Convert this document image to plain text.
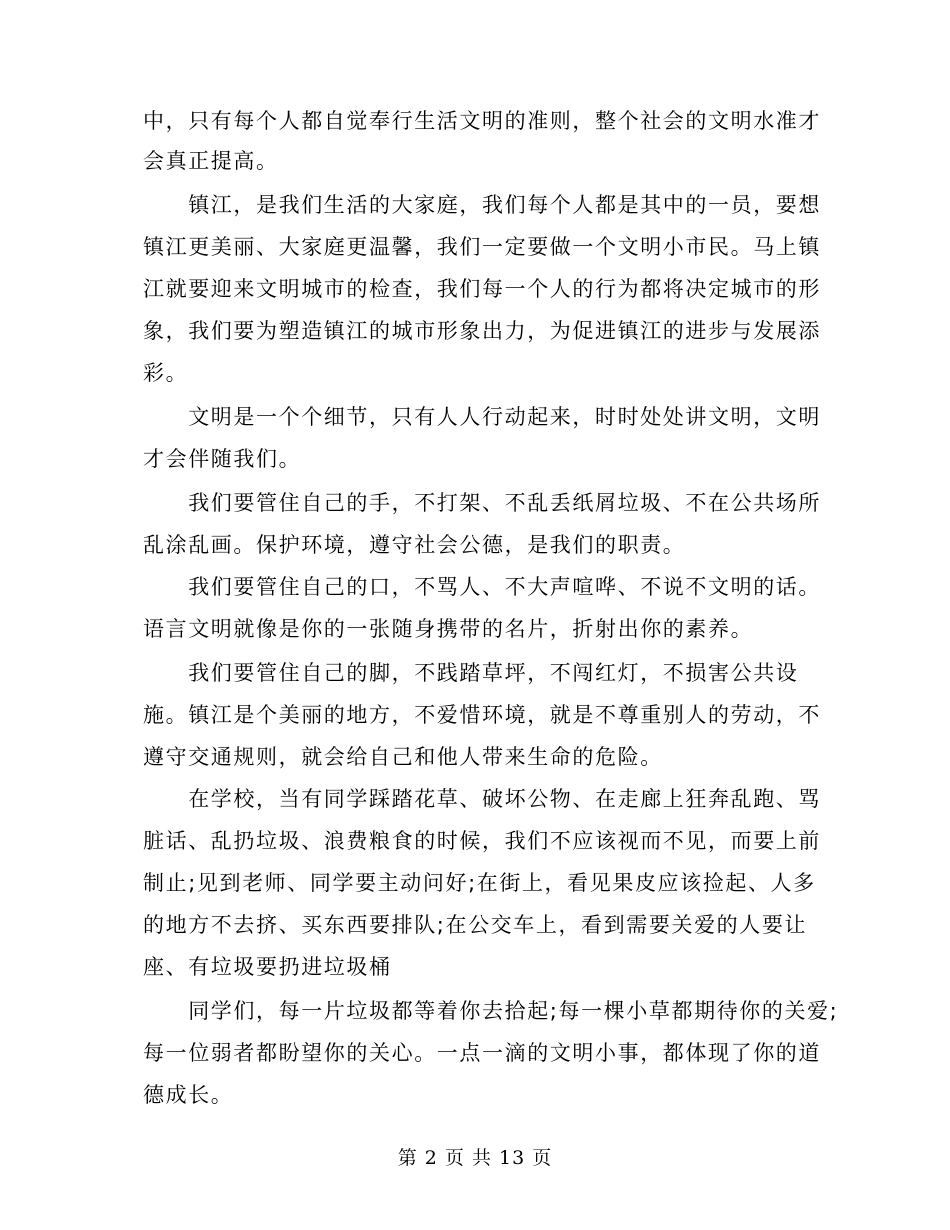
中，只有每个人都自觉奉行生活文明的准则，整个社会的文明水准才
会真正提高。
　　镇江，是我们生活的大家庭，我们每个人都是其中的一员，要想
镇江更美丽、大家庭更温馨，我们一定要做一个文明小市民。马上镇
江就要迎来文明城市的检查，我们每一个人的行为都将决定城市的形
象，我们要为塑造镇江的城市形象出力，为促进镇江的进步与发展添
彩。
　　文明是一个个细节，只有人人行动起来，时时处处讲文明，文明
才会伴随我们。
　　我们要管住自己的手，不打架、不乱丢纸屑垃圾、不在公共场所
乱涂乱画。保护环境，遵守社会公德，是我们的职责。
　　我们要管住自己的口，不骂人、不大声喧哗、不说不文明的话。
语言文明就像是你的一张随身携带的名片，折射出你的素养。
　　我们要管住自己的脚，不践踏草坪，不闯红灯，不损害公共设
施。镇江是个美丽的地方，不爱惜环境，就是不尊重别人的劳动，不
遵守交通规则，就会给自己和他人带来生命的危险。
　　在学校，当有同学踩踏花草、破坏公物、在走廊上狂奔乱跑、骂
脏话、乱扔垃圾、浪费粮食的时候，我们不应该视而不见，而要上前
制止;见到老师、同学要主动问好;在街上，看见果皮应该捡起、人多
的地方不去挤、买东西要排队;在公交车上，看到需要关爱的人要让
座、有垃圾要扔进垃圾桶
　　同学们，每一片垃圾都等着你去拾起;每一棵小草都期待你的关爱;
每一位弱者都盼望你的关心。一点一滴的文明小事，都体现了你的道
德成长。
第 2 页 共 13 页
